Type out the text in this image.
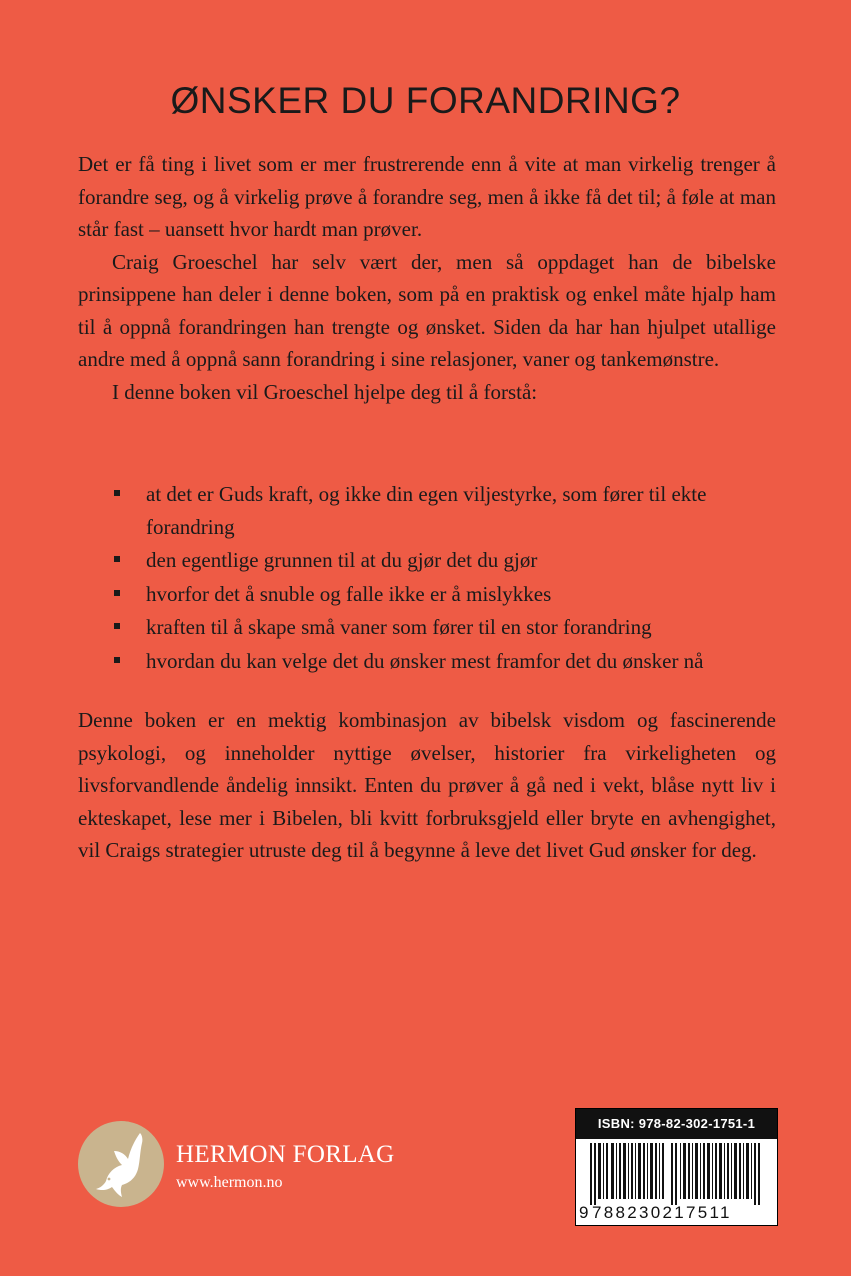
ØNSKER DU FORANDRING?

Det er få ting i livet som er mer frustrerende enn å vite at man virkelig trenger å forandre seg, og å virkelig prøve å forandre seg, men å ikke få det til; å føle at man står fast – uansett hvor hardt man prøver.

Craig Groeschel har selv vært der, men så oppdaget han de bibelske prinsippene han deler i denne boken, som på en praktisk og enkel måte hjalp ham til å oppnå forandringen han trengte og ønsket. Siden da har han hjulpet utallige andre med å oppnå sann forandring i sine relasjoner, vaner og tankemønstre.

I denne boken vil Groeschel hjelpe deg til å forstå:

at det er Guds kraft, og ikke din egen viljestyrke, som fører til ekte forandring
den egentlige grunnen til at du gjør det du gjør
hvorfor det å snuble og falle ikke er å mislykkes
kraften til å skape små vaner som fører til en stor forandring
hvordan du kan velge det du ønsker mest framfor det du ønsker nå

Denne boken er en mektig kombinasjon av bibelsk visdom og fascinerende psykologi, og inneholder nyttige øvelser, historier fra virkeligheten og livsforvandlende åndelig innsikt. Enten du prøver å gå ned i vekt, blåse nytt liv i ekteskapet, lese mer i Bibelen, bli kvitt forbruksgjeld eller bryte en avhengighet, vil Craigs strategier utruste deg til å begynne å leve det livet Gud ønsker for deg.

HERMON FORLAG
www.hermon.no
ISBN: 978-82-302-1751-1
9 788230217511
